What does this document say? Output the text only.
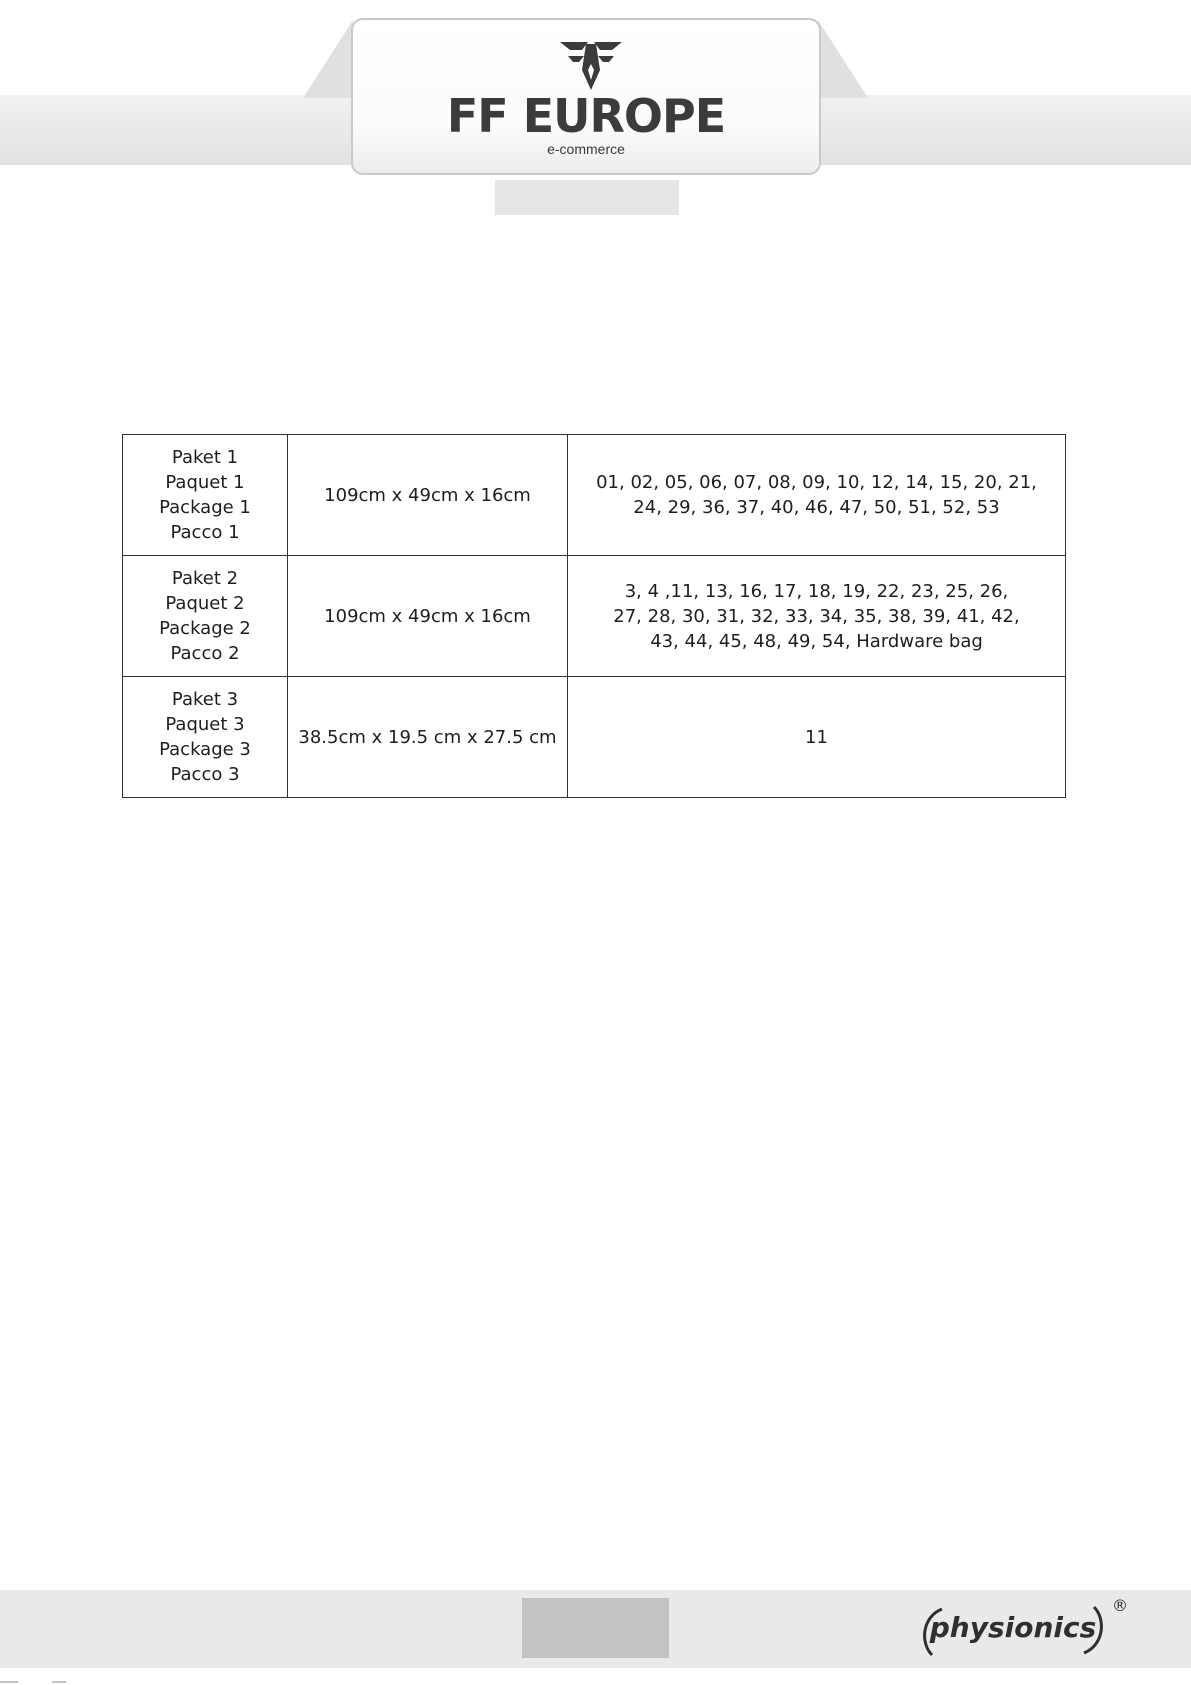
FF EUROPE
e-commerce
Paket 1
Paquet 1
Package 1
Pacco 1	109cm x 49cm x 16cm	01, 02, 05, 06, 07, 08, 09, 10, 12, 14, 15, 20, 21,
24, 29, 36, 37, 40, 46, 47, 50, 51, 52, 53

Paket 2
Paquet 2
Package 2
Pacco 2	109cm x 49cm x 16cm	3, 4 ,11, 13, 16, 17, 18, 19, 22, 23, 25, 26,
27, 28, 30, 31, 32, 33, 34, 35, 38, 39, 41, 42,
43, 44, 45, 48, 49, 54, Hardware bag

Paket 3
Paquet 3
Package 3
Pacco 3	38.5cm x 19.5 cm x 27.5 cm	11
physionics
®
